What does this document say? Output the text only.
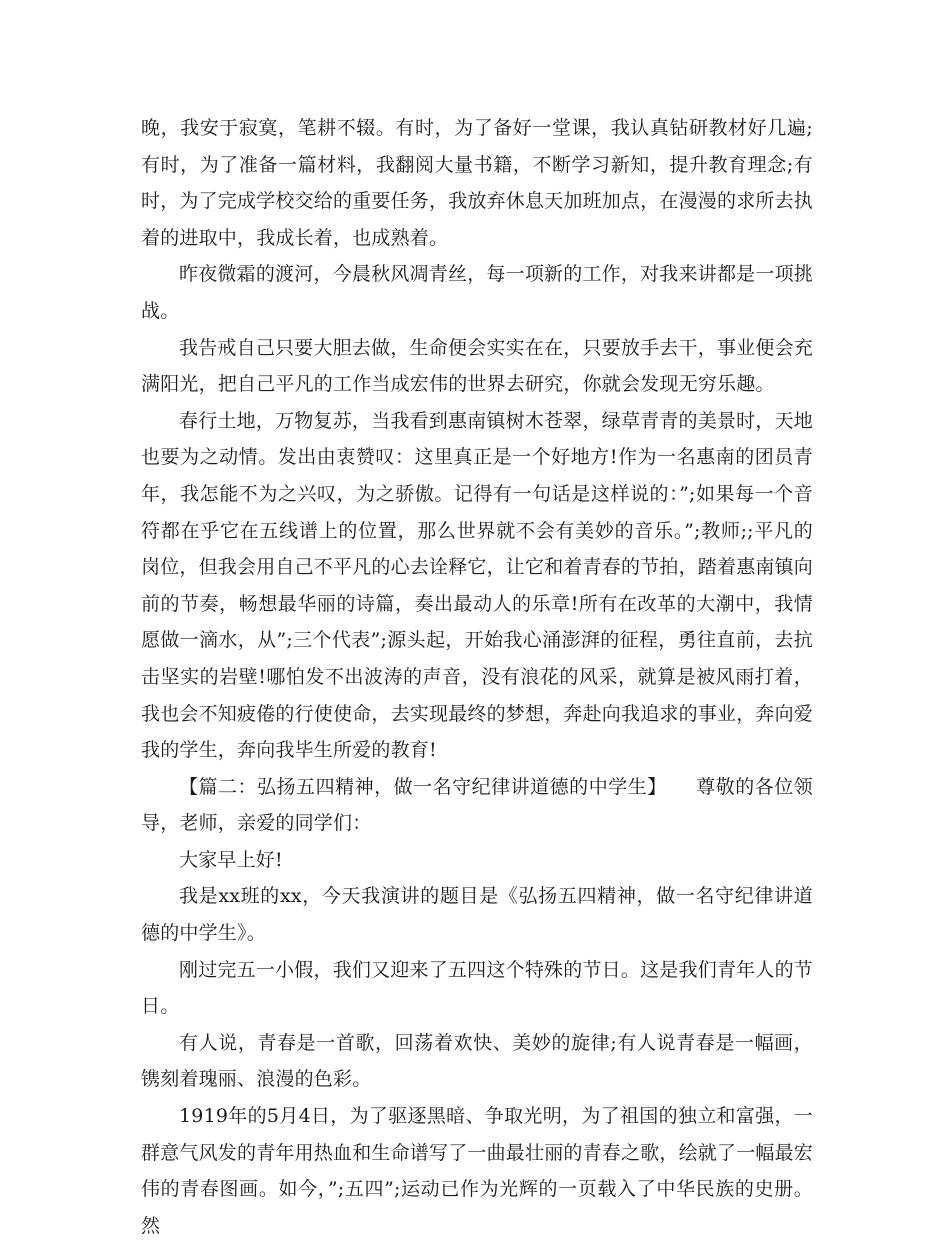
晚，我安于寂寞，笔耕不辍。有时，为了备好一堂课，我认真钻研教材好几遍;有时，为了准备一篇材料，我翻阅大量书籍，不断学习新知，提升教育理念;有时，为了完成学校交给的重要任务，我放弃休息天加班加点，在漫漫的求所去执着的进取中，我成长着，也成熟着。

昨夜微霜的渡河，今晨秋风凋青丝，每一项新的工作，对我来讲都是一项挑战。

我告戒自己只要大胆去做，生命便会实实在在，只要放手去干，事业便会充满阳光，把自己平凡的工作当成宏伟的世界去研究，你就会发现无穷乐趣。

春行土地，万物复苏，当我看到惠南镇树木苍翠，绿草青青的美景时，天地也要为之动情。发出由衷赞叹：这里真正是一个好地方!作为一名惠南的团员青年，我怎能不为之兴叹，为之骄傲。记得有一句话是这样说的：”;如果每一个音符都在乎它在五线谱上的位置，那么世界就不会有美妙的音乐。”;教师;;平凡的岗位，但我会用自己不平凡的心去诠释它，让它和着青春的节拍，踏着惠南镇向前的节奏，畅想最华丽的诗篇，奏出最动人的乐章!所有在改革的大潮中，我情愿做一滴水，从”;三个代表”;源头起，开始我心涌澎湃的征程，勇往直前，去抗击坚实的岩壁!哪怕发不出波涛的声音，没有浪花的风采，就算是被风雨打着，我也会不知疲倦的行使使命，去实现最终的梦想，奔赴向我追求的事业，奔向爱我的学生，奔向我毕生所爱的教育!

【篇二：弘扬五四精神，做一名守纪律讲道德的中学生】　　尊敬的各位领导，老师，亲爱的同学们：

大家早上好!

我是xx班的xx，今天我演讲的题目是《弘扬五四精神，做一名守纪律讲道德的中学生》。

刚过完五一小假，我们又迎来了五四这个特殊的节日。这是我们青年人的节日。

有人说，青春是一首歌，回荡着欢快、美妙的旋律;有人说青春是一幅画，镌刻着瑰丽、浪漫的色彩。

1919年的5月4日，为了驱逐黑暗、争取光明，为了祖国的独立和富强，一群意气风发的青年用热血和生命谱写了一曲最壮丽的青春之歌，绘就了一幅最宏伟的青春图画。如今，”;五四”;运动已作为光辉的一页载入了中华民族的史册。然
